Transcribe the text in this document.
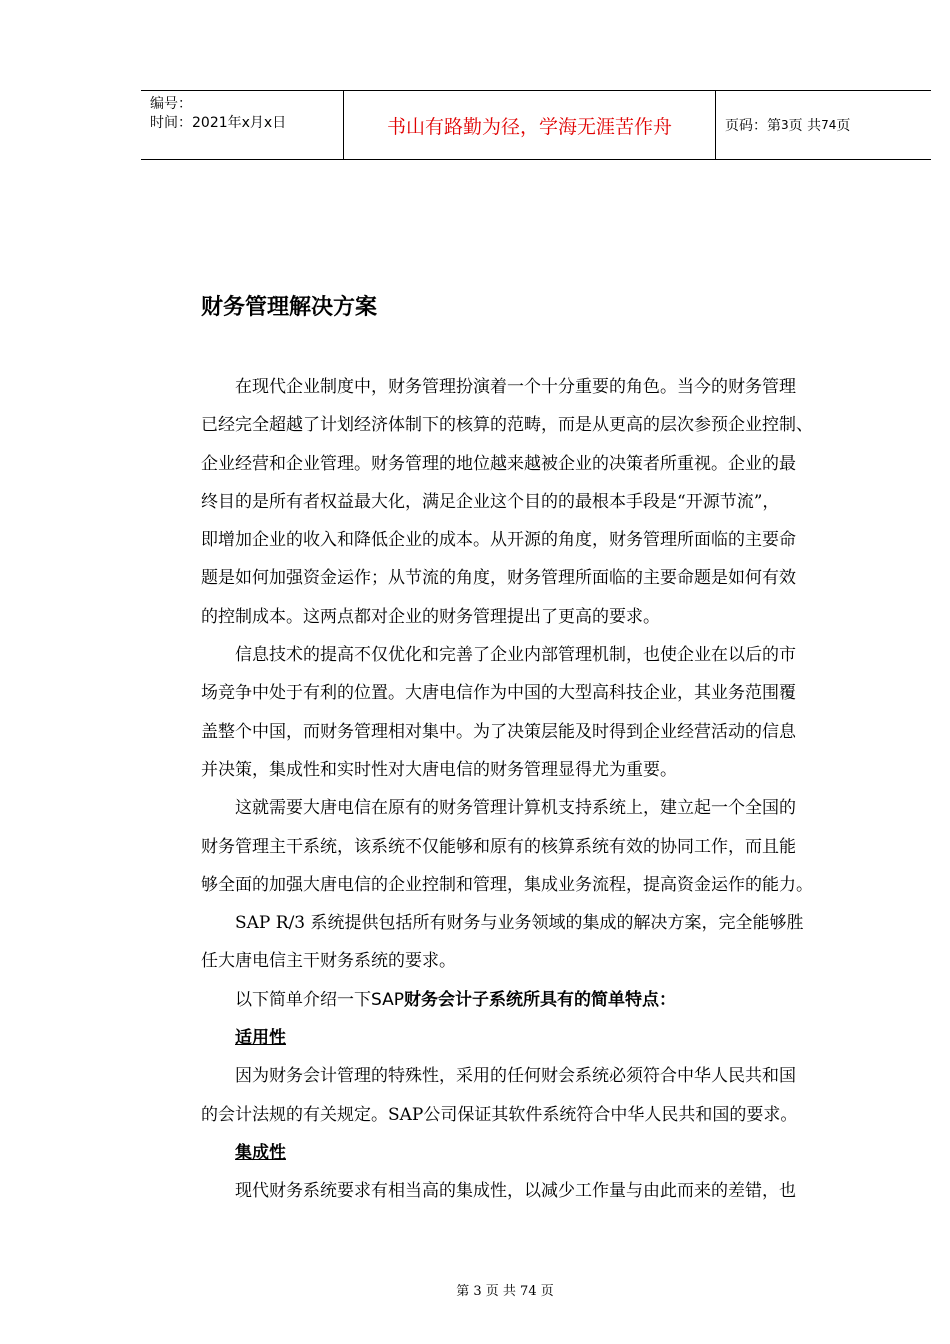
编号：
时间：2021年x月x日	书山有路勤为径，学海无涯苦作舟	页码：第 3 页 共 74 页
财务管理解决方案
在现代企业制度中，财务管理扮演着一个十分重要的角色。当今的财务管理
已经完全超越了计划经济体制下的核算的范畴，而是从更高的层次参预企业控制、
企业经营和企业管理。财务管理的地位越来越被企业的决策者所重视。企业的最
终目的是所有者权益最大化，满足企业这个目的的最根本手段是“开源节流”，
即增加企业的收入和降低企业的成本。从开源的角度，财务管理所面临的主要命
题是如何加强资金运作；从节流的角度，财务管理所面临的主要命题是如何有效
的控制成本。这两点都对企业的财务管理提出了更高的要求。
信息技术的提高不仅优化和完善了企业内部管理机制，也使企业在以后的市
场竞争中处于有利的位置。大唐电信作为中国的大型高科技企业，其业务范围覆
盖整个中国，而财务管理相对集中。为了决策层能及时得到企业经营活动的信息
并决策，集成性和实时性对大唐电信的财务管理显得尤为重要。
这就需要大唐电信在原有的财务管理计算机支持系统上，建立起一个全国的
财务管理主干系统，该系统不仅能够和原有的核算系统有效的协同工作，而且能
够全面的加强大唐电信的企业控制和管理，集成业务流程，提高资金运作的能力。
SAP R/3 系统提供包括所有财务与业务领域的集成的解决方案，完全能够胜
任大唐电信主干财务系统的要求。
以下简单介绍一下SAP财务会计子系统所具有的简单特点：
适用性
因为财务会计管理的特殊性，采用的任何财会系统必须符合中华人民共和国
的会计法规的有关规定。SAP公司保证其软件系统符合中华人民共和国的要求。
集成性
现代财务系统要求有相当高的集成性，以减少工作量与由此而来的差错，也
第 3 页 共 74 页
